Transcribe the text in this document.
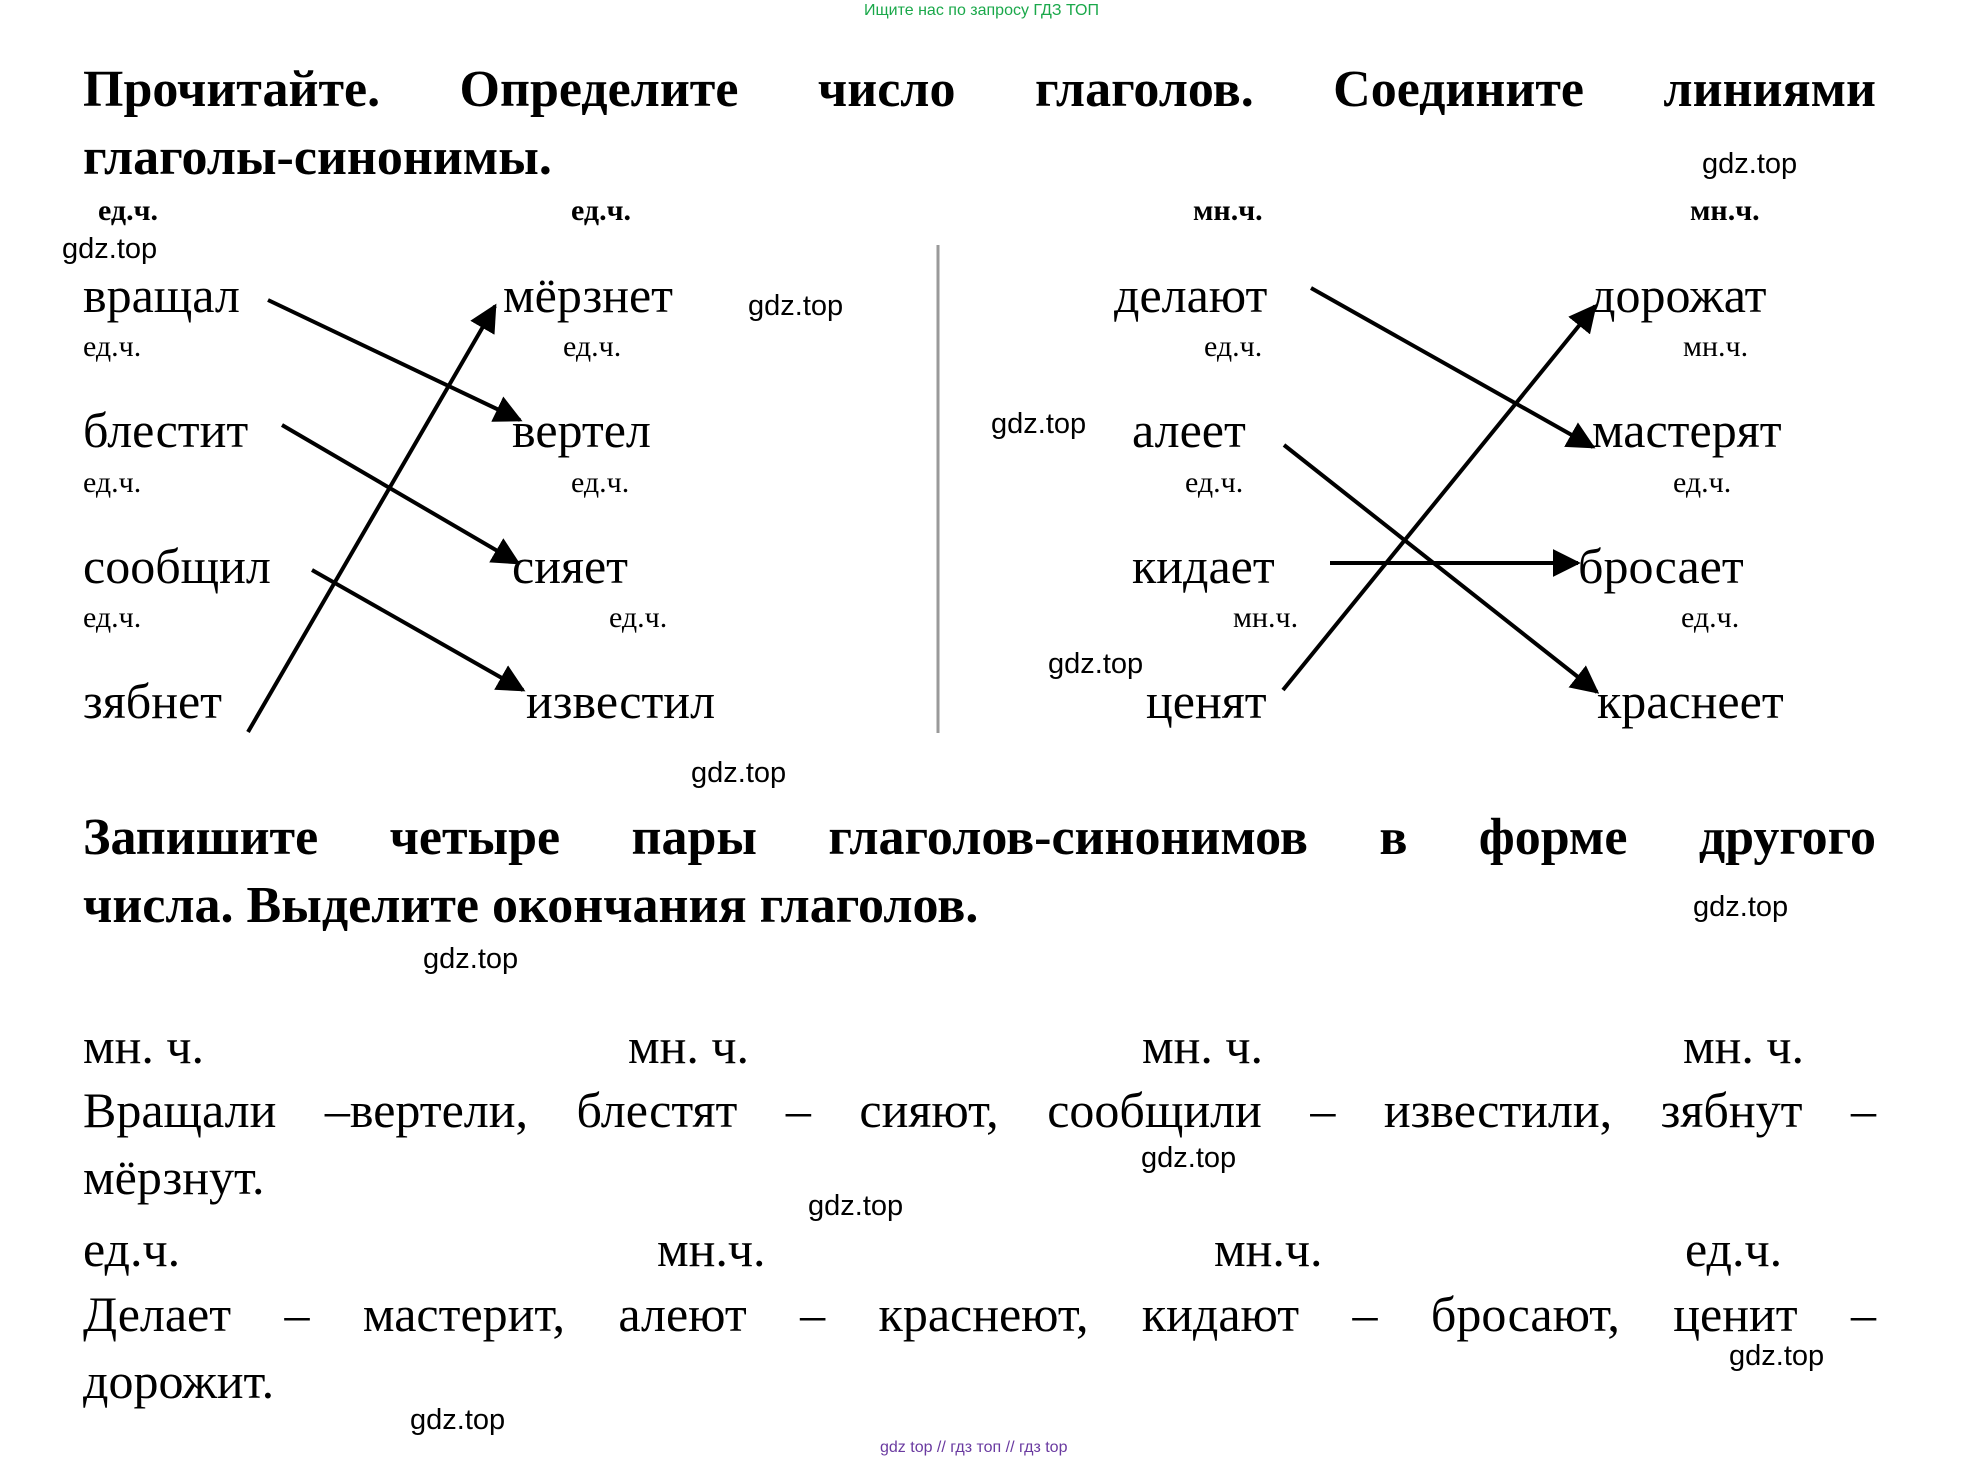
Ищите нас по запросу ГДЗ ТОП
Прочитайте. Определите число глаголов. Соедините линиями
глаголы-синонимы.
ед.ч.	ед.ч.
вращал
ед.ч.
блестит
ед.ч.
сообщил
ед.ч.
зябнет
мёрзнет
ед.ч.
вертел
ед.ч.
сияет
ед.ч.
известил
мн.ч.	мн.ч.
делают
ед.ч.
алеет
ед.ч.
кидает
мн.ч.
ценят
дорожат
мн.ч.
мастерят
ед.ч.
бросает
ед.ч.
краснеет
Запишите четыре пары глаголов-синонимов в форме другого
числа. Выделите окончания глаголов.
мн. ч.	мн. ч.	мн. ч.	мн. ч.
Вращали –вертели, блестят – сияют, сообщили – известили, зябнут –
мёрзнут.
ед.ч.	мн.ч.	мн.ч.	ед.ч.
Делает – мастерит, алеют – краснеют, кидают – бросают, ценит –
дорожит.
gdz.top
gdz.top
gdz.top
gdz.top
gdz.top
gdz.top
gdz.top
gdz.top
gdz.top
gdz.top
gdz.top
gdz.top
gdz top // гдз топ // гдз top
